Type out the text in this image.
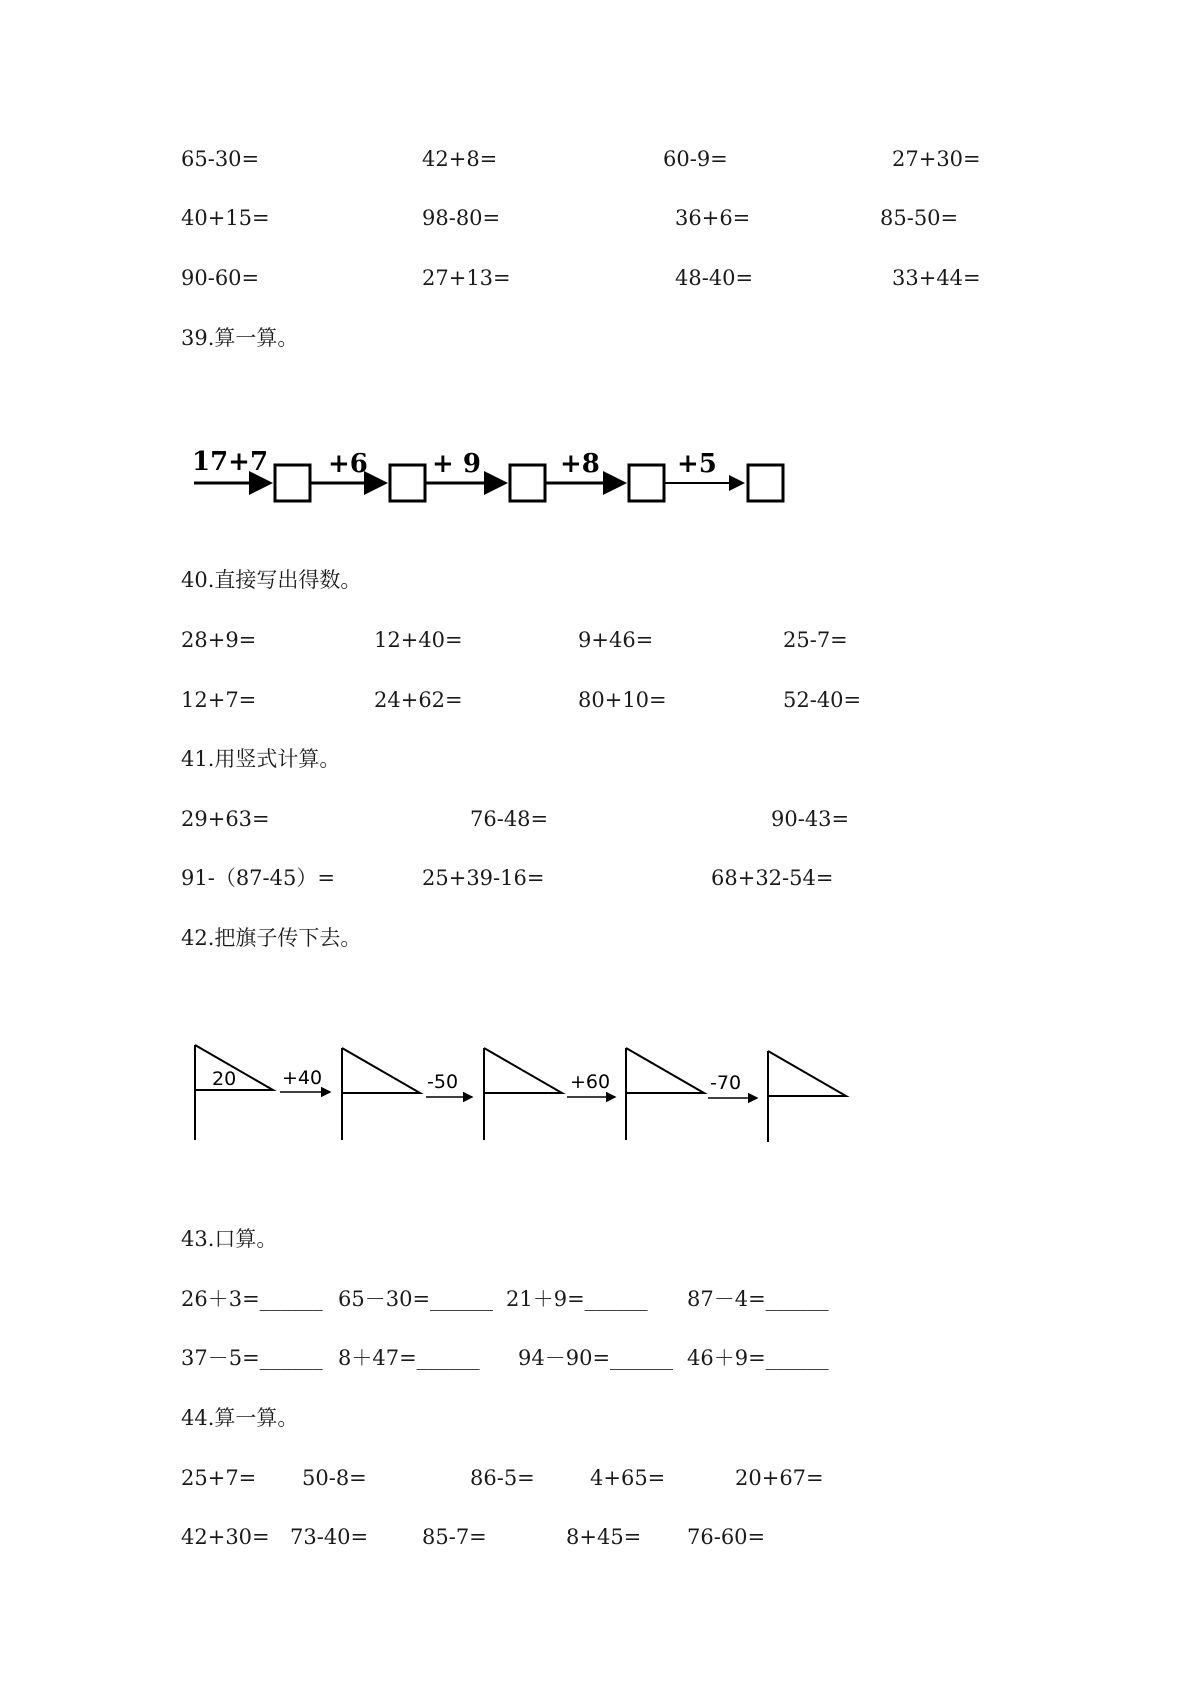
65-30=	42+8=	60-9=	27+30=
40+15=	98-80=	36+6=	85-50=
90-60=	27+13=	48-40=	33+44=
39.算一算。
17+7 +6 + 9	+8	+5
40.直接写出得数。
28+9=	12+40=	9+46=	25-7=
12+7=	24+62=	80+10=	52-40=
41.用竖式计算。
29+63=	76-48=	90-43=
91-（87-45）=	25+39-16=	68+32-54=
42.把旗子传下去。
20 +40	-50	+60	-70
43.口算。
26＋3=______ 65－30=______ 21＋9=______ 87－4=______
37－5=______ 8＋47=______ 94－90=______ 46＋9=______
44.算一算。
25+7= 50-8=	86-5=	4+65=	20+67=
42+30= 73-40=	85-7=	8+45= 76-60=
